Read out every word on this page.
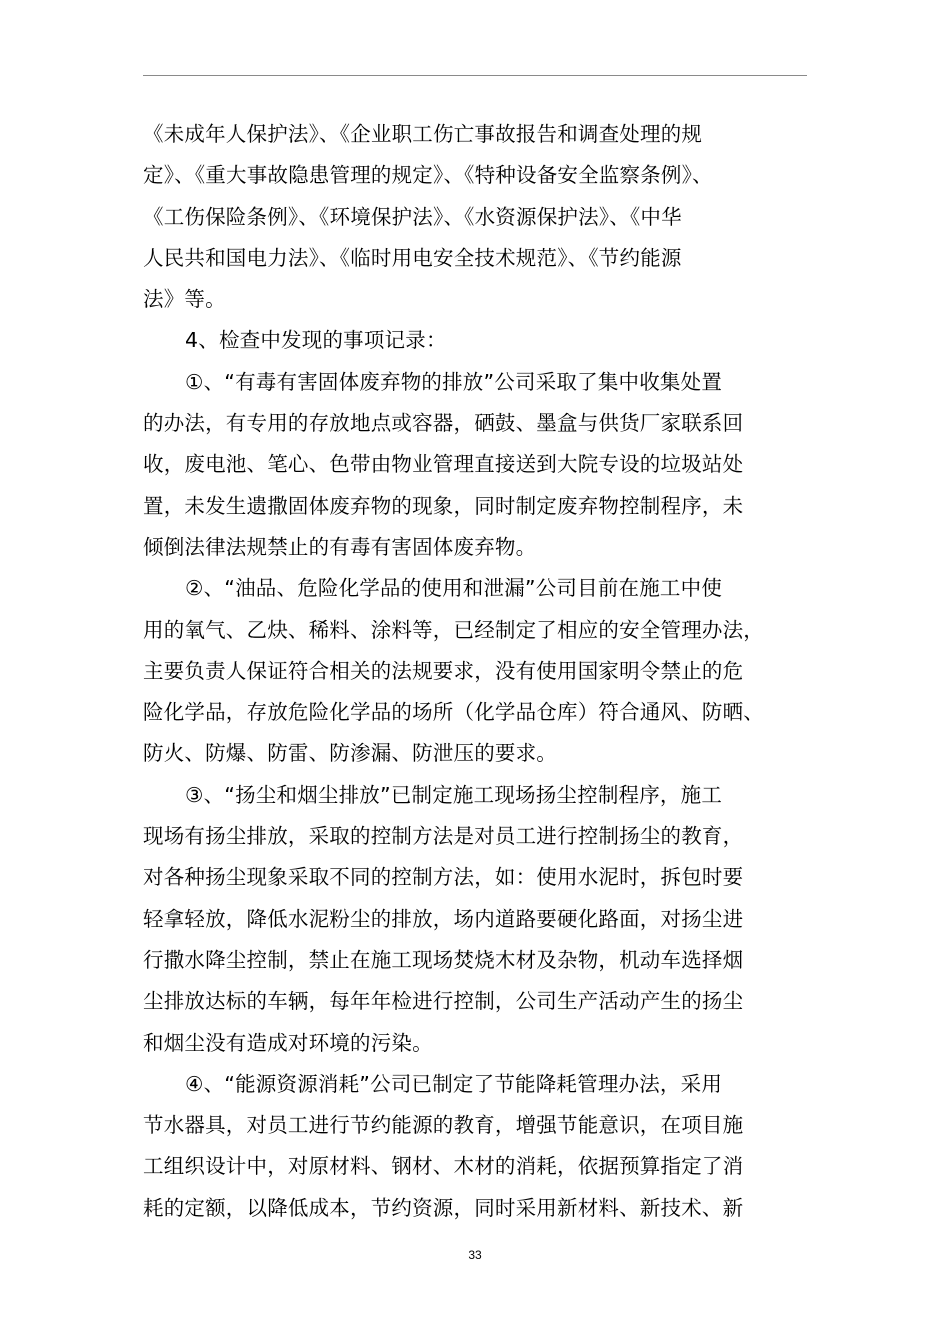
《未成年人保护法》、《企业职工伤亡事故报告和调查处理的规
定》、《重大事故隐患管理的规定》、《特种设备安全监察条例》、
《工伤保险条例》、《环境保护法》、《水资源保护法》、《中华
人民共和国电力法》、《临时用电安全技术规范》、《节约能源
法》等。
4、检查中发现的事项记录：
①、“有毒有害固体废弃物的排放”公司采取了集中收集处置
的办法，有专用的存放地点或容器，硒鼓、墨盒与供货厂家联系回
收，废电池、笔心、色带由物业管理直接送到大院专设的垃圾站处
置，未发生遗撒固体废弃物的现象，同时制定废弃物控制程序，未
倾倒法律法规禁止的有毒有害固体废弃物。
②、“油品、危险化学品的使用和泄漏”公司目前在施工中使
用的氧气、乙炔、稀料、涂料等，已经制定了相应的安全管理办法，
主要负责人保证符合相关的法规要求，没有使用国家明令禁止的危
险化学品，存放危险化学品的场所（化学品仓库）符合通风、防晒、
防火、防爆、防雷、防渗漏、防泄压的要求。
③、“扬尘和烟尘排放”已制定施工现场扬尘控制程序，施工
现场有扬尘排放，采取的控制方法是对员工进行控制扬尘的教育，
对各种扬尘现象采取不同的控制方法，如：使用水泥时，拆包时要
轻拿轻放，降低水泥粉尘的排放，场内道路要硬化路面，对扬尘进
行撒水降尘控制，禁止在施工现场焚烧木材及杂物，机动车选择烟
尘排放达标的车辆，每年年检进行控制，公司生产活动产生的扬尘
和烟尘没有造成对环境的污染。
④、“能源资源消耗”公司已制定了节能降耗管理办法，采用
节水器具，对员工进行节约能源的教育，增强节能意识，在项目施
工组织设计中，对原材料、钢材、木材的消耗，依据预算指定了消
耗的定额，以降低成本，节约资源，同时采用新材料、新技术、新
33
